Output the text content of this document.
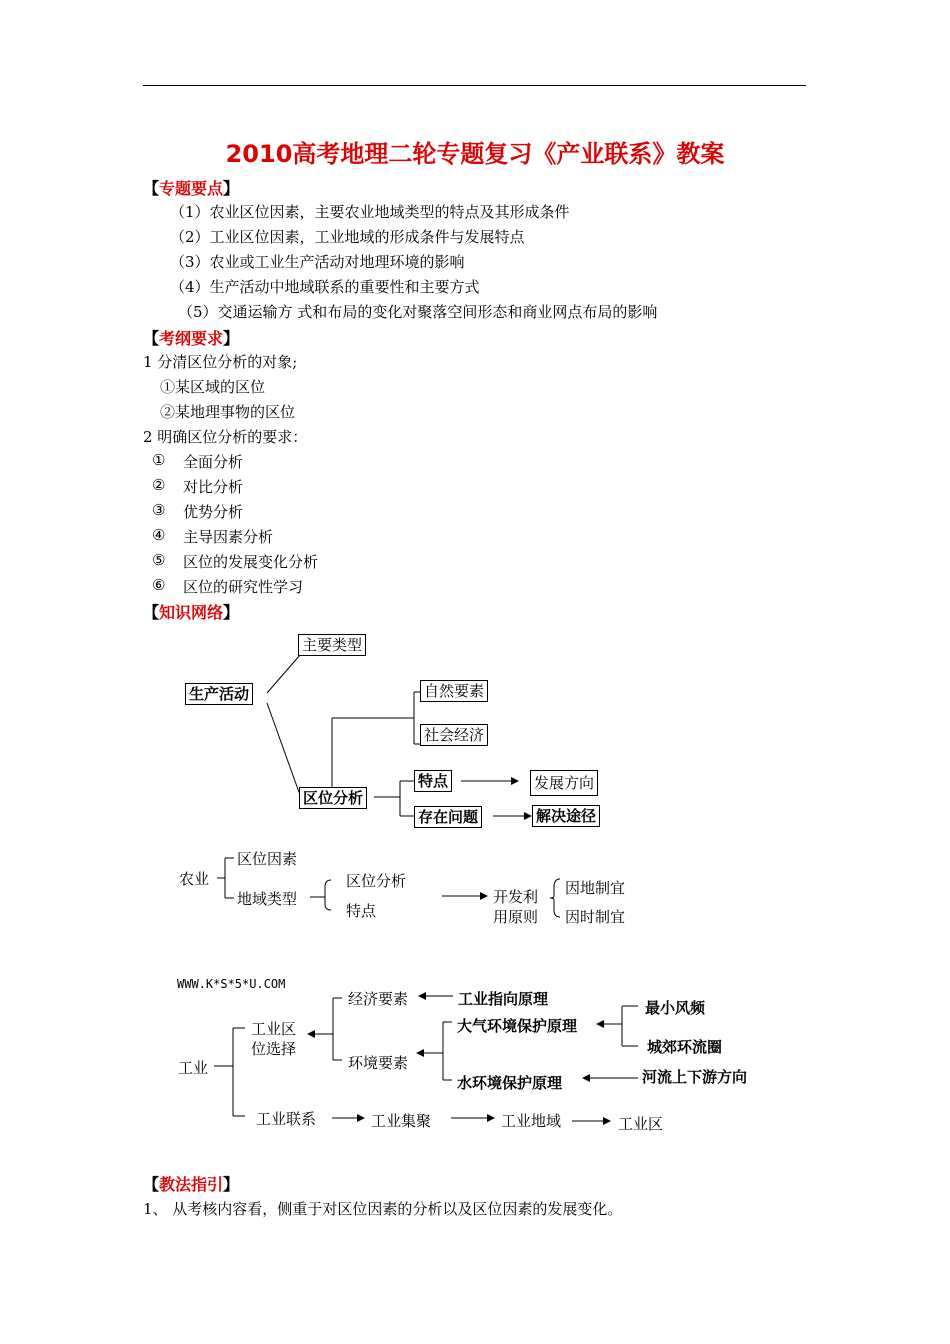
2010高考地理二轮专题复习《产业联系》教案
【专题要点】
（1）农业区位因素，主要农业地域类型的特点及其形成条件
（2）工业区位因素，工业地域的形成条件与发展特点
（3）农业或工业生产活动对地理环境的影响
（4）生产活动中地域联系的重要性和主要方式
（5）交通运输方 式和布局的变化对聚落空间形态和商业网点布局的影响
【考纲要求】
1 分清区位分析的对象;
①某区域的区位
②某地理事物的区位
2 明确区位分析的要求：
① 全面分析
② 对比分析
③ 优势分析
④ 主导因素分析
⑤ 区位的发展变化分析
⑥ 区位的研究性学习
【知识网络】
主要类型
生产活动	自然要素
社会经济
区位分析
特点	发展方向
存在问题	解决途径
农业
区位因素
地域类型
区位分析
特点
开发利
用原则
因地制宜
因时制宜
WWW.K*S*5*U.COM
工业
工业区
位选择
经济要素	工业指向原理
环境要素
大气环境保护原理
最小风频
城郊环流圈
水环境保护原理	河流上下游方向
工业联系	工业集聚	工业地域	工业区
【教法指引】
1、 从考核内容看，侧重于对区位因素的分析以及区位因素的发展变化。
